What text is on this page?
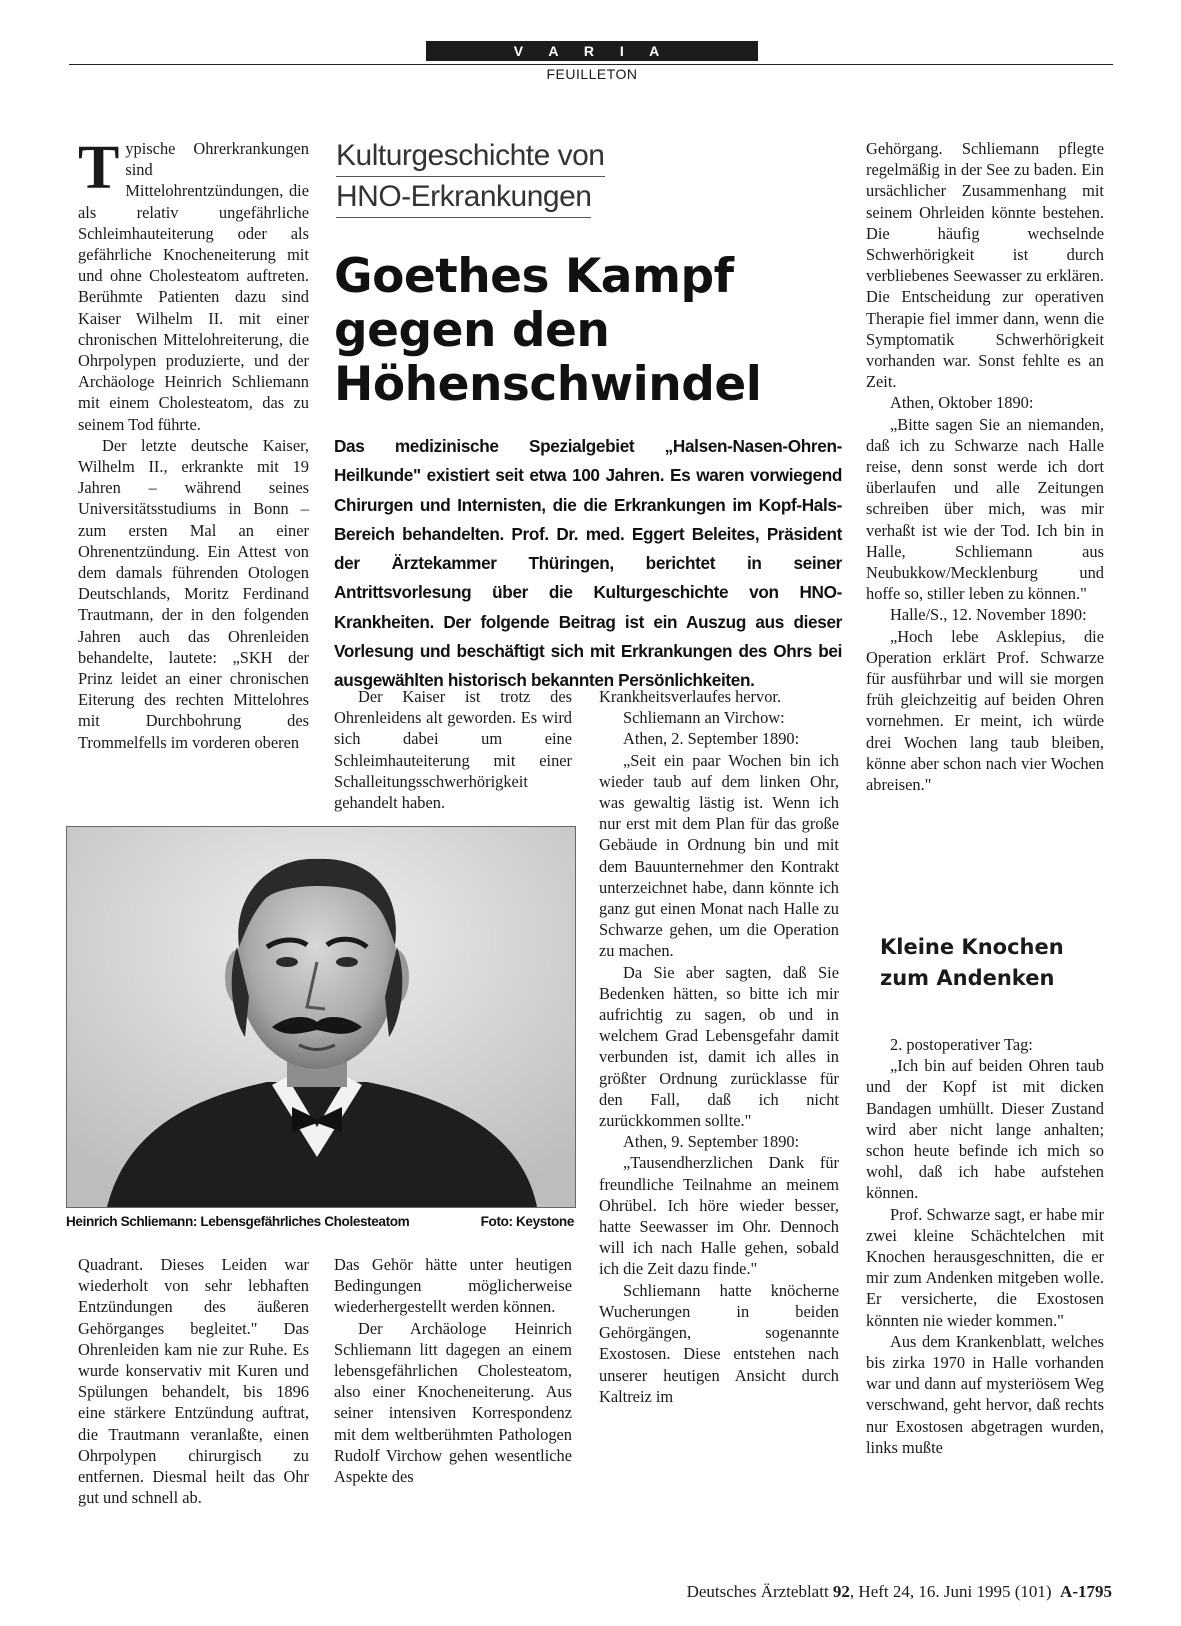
V A R I A
FEUILLETON

Typische Ohrerkrankungen sind Mittelohrentzündungen, die als relativ ungefährliche Schleimhauteiterung oder als gefährliche Knocheneiterung mit und ohne Cholesteatom auftreten. Berühmte Patienten dazu sind Kaiser Wilhelm II. mit einer chronischen Mittelohreiterung, die Ohrpolypen produzierte, und der Archäologe Heinrich Schliemann mit einem Cholesteatom, das zu seinem Tod führte.

Der letzte deutsche Kaiser, Wilhelm II., erkrankte mit 19 Jahren – während seines Universitätsstudiums in Bonn – zum ersten Mal an einer Ohrenentzündung. Ein Attest von dem damals führenden Otologen Deutschlands, Moritz Ferdinand Trautmann, der in den folgenden Jahren auch das Ohrenleiden behandelte, lautete: „SKH der Prinz leidet an einer chronischen Eiterung des rechten Mittelohres mit Durchbohrung des Trommelfells im vorderen oberen

Kulturgeschichte von
HNO-Erkrankungen
Goethes Kampf
gegen den
Höhenschwindel
Das medizinische Spezialgebiet „Halsen-Nasen-Ohren-Heilkunde" existiert seit etwa 100 Jahren. Es waren vorwiegend Chirurgen und Internisten, die die Erkrankungen im Kopf-Hals-Bereich behandelten. Prof. Dr. med. Eggert Beleites, Präsident der Ärztekammer Thüringen, berichtet in seiner Antrittsvorlesung über die Kulturgeschichte von HNO-Krankheiten. Der folgende Beitrag ist ein Auszug aus dieser Vorlesung und beschäftigt sich mit Erkrankungen des Ohrs bei ausgewählten historisch bekannten Persönlichkeiten.

Der Kaiser ist trotz des Ohrenleidens alt geworden. Es wird sich dabei um eine Schleimhauteiterung mit einer Schalleitungsschwerhörigkeit gehandelt haben.

Krankheitsverlaufes hervor.

Schliemann an Virchow:

Athen, 2. September 1890:

„Seit ein paar Wochen bin ich wieder taub auf dem linken Ohr, was gewaltig lästig ist. Wenn ich nur erst mit dem Plan für das große Gebäude in Ordnung bin und mit dem Bauunternehmer den Kontrakt unterzeichnet habe, dann könnte ich ganz gut einen Monat nach Halle zu Schwarze gehen, um die Operation zu machen.

Da Sie aber sagten, daß Sie Bedenken hätten, so bitte ich mir aufrichtig zu sagen, ob und in welchem Grad Lebensgefahr damit verbunden ist, damit ich alles in größter Ordnung zurücklasse für den Fall, daß ich nicht zurückkommen sollte."

Athen, 9. September 1890:

„Tausendherzlichen Dank für freundliche Teilnahme an meinem Ohrübel. Ich höre wieder besser, hatte Seewasser im Ohr. Dennoch will ich nach Halle gehen, sobald ich die Zeit dazu finde."

Schliemann hatte knöcherne Wucherungen in beiden Gehörgängen, sogenannte Exostosen. Diese entstehen nach unserer heutigen Ansicht durch Kaltreiz im

Gehörgang. Schliemann pflegte regelmäßig in der See zu baden. Ein ursächlicher Zusammenhang mit seinem Ohrleiden könnte bestehen. Die häufig wechselnde Schwerhörigkeit ist durch verbliebenes Seewasser zu erklären. Die Entscheidung zur operativen Therapie fiel immer dann, wenn die Symptomatik Schwerhörigkeit vorhanden war. Sonst fehlte es an Zeit.

Athen, Oktober 1890:

„Bitte sagen Sie an niemanden, daß ich zu Schwarze nach Halle reise, denn sonst werde ich dort überlaufen und alle Zeitungen schreiben über mich, was mir verhaßt ist wie der Tod. Ich bin in Halle, Schliemann aus Neubukkow/Mecklenburg und hoffe so, stiller leben zu können."

Halle/S., 12. November 1890:

„Hoch lebe Asklepius, die Operation erklärt Prof. Schwarze für ausführbar und will sie morgen früh gleichzeitig auf beiden Ohren vornehmen. Er meint, ich würde drei Wochen lang taub bleiben, könne aber schon nach vier Wochen abreisen."

Kleine Knochen
zum Andenken

2. postoperativer Tag:

„Ich bin auf beiden Ohren taub und der Kopf ist mit dicken Bandagen umhüllt. Dieser Zustand wird aber nicht lange anhalten; schon heute befinde ich mich so wohl, daß ich habe aufstehen können.

Prof. Schwarze sagt, er habe mir zwei kleine Schächtelchen mit Knochen herausgeschnitten, die er mir zum Andenken mitgeben wolle. Er versicherte, die Exostosen könnten nie wieder kommen."

Aus dem Krankenblatt, welches bis zirka 1970 in Halle vorhanden war und dann auf mysteriösem Weg verschwand, geht hervor, daß rechts nur Exostosen abgetragen wurden, links mußte

Heinrich Schliemann: Lebensgefährliches Cholesteatom	Foto: Keystone

Quadrant. Dieses Leiden war wiederholt von sehr lebhaften Entzündungen des äußeren Gehörganges begleitet." Das Ohrenleiden kam nie zur Ruhe. Es wurde konservativ mit Kuren und Spülungen behandelt, bis 1896 eine stärkere Entzündung auftrat, die Trautmann veranlaßte, einen Ohrpolypen chirurgisch zu entfernen. Diesmal heilt das Ohr gut und schnell ab.

Das Gehör hätte unter heutigen Bedingungen möglicherweise wiederhergestellt werden können.

Der Archäologe Heinrich Schliemann litt dagegen an einem lebensgefährlichen Cholesteatom, also einer Knocheneiterung. Aus seiner intensiven Korrespondenz mit dem weltberühmten Pathologen Rudolf Virchow gehen wesentliche Aspekte des

Deutsches Ärzteblatt 92, Heft 24, 16. Juni 1995 (101) A-1795
